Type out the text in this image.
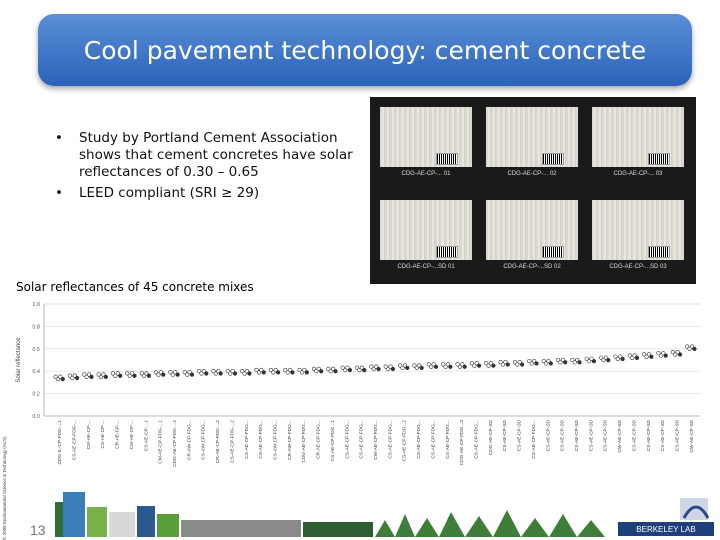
Cool pavement technology: cement concrete
• Study by Portland Cement Association shows that cement concretes have solar reflectances of 0.30 – 0.65
• LEED compliant (SRI ≥ 29)
CDG-AE-CP-... 01	CDG-AE-CP-... 02	CDG-AE-CP-... 03
CDG-AE-CP-...SD 01	CDG-AE-CP-...SD 02	CDG-AE-CP-...SD 03
Solar reflectances of 45 concrete mixes
Solar reflectance
0.0
0.2
0.4
0.5
0.8
1.0
CDG-IL-CP-FDG-...1 CS-AE-CP-FDG-... CM-AE-CP-... CS-AE-CP-... CR-AE-CP-... CM-AE-CP-... CS-AE-CP-...1 CM-AE-CP-FDG-...1 CDG-AE-CP-FDG-...2 CR-AW-CP-FDG... CS-AW-CP-FDG... CR-AE-CP-FDG-...2 CS-AE-CP-FDG-...2 CS-AE-CP-FDG... CS-AE-CP-FDG... CS-AW-CP-FDG... CR-AW-CP-FDG... CDG-AE-CP-FDG... CR-AE-CP-FDG... CS-AE-CP-FDG...1 CS-AE-CP-FDG... CS-AE-CP-FDG... CW-AE-CP-FDG... CS-AE-CP-FDG... CS-AE-CP-FDG...2 CS-AE-CP-FDG... CS-AE-CP-FDG... CS-AE-CP-FDG... CDG-AE-CP-FDG...3 CS-AE-CP-FDG... CDG-AE-CP-SD CS-AE-CP-SD CS-AE-CP-SD CS-AE-CP-FDG... CS-AE-CP-SD CS-AE-CP-SD CS-AE-CP-SD CS-AE-CP-SD CS-AE-CP-SD CW-AE-CP-SD CS-AE-CP-SD CS-AE-CP-SD CS-AE-CP-SD CS-AE-CP-SD CW-AE-CP-SD
© 2008 Environmental Science & Technology (ACS) 13	BERKELEY LAB
